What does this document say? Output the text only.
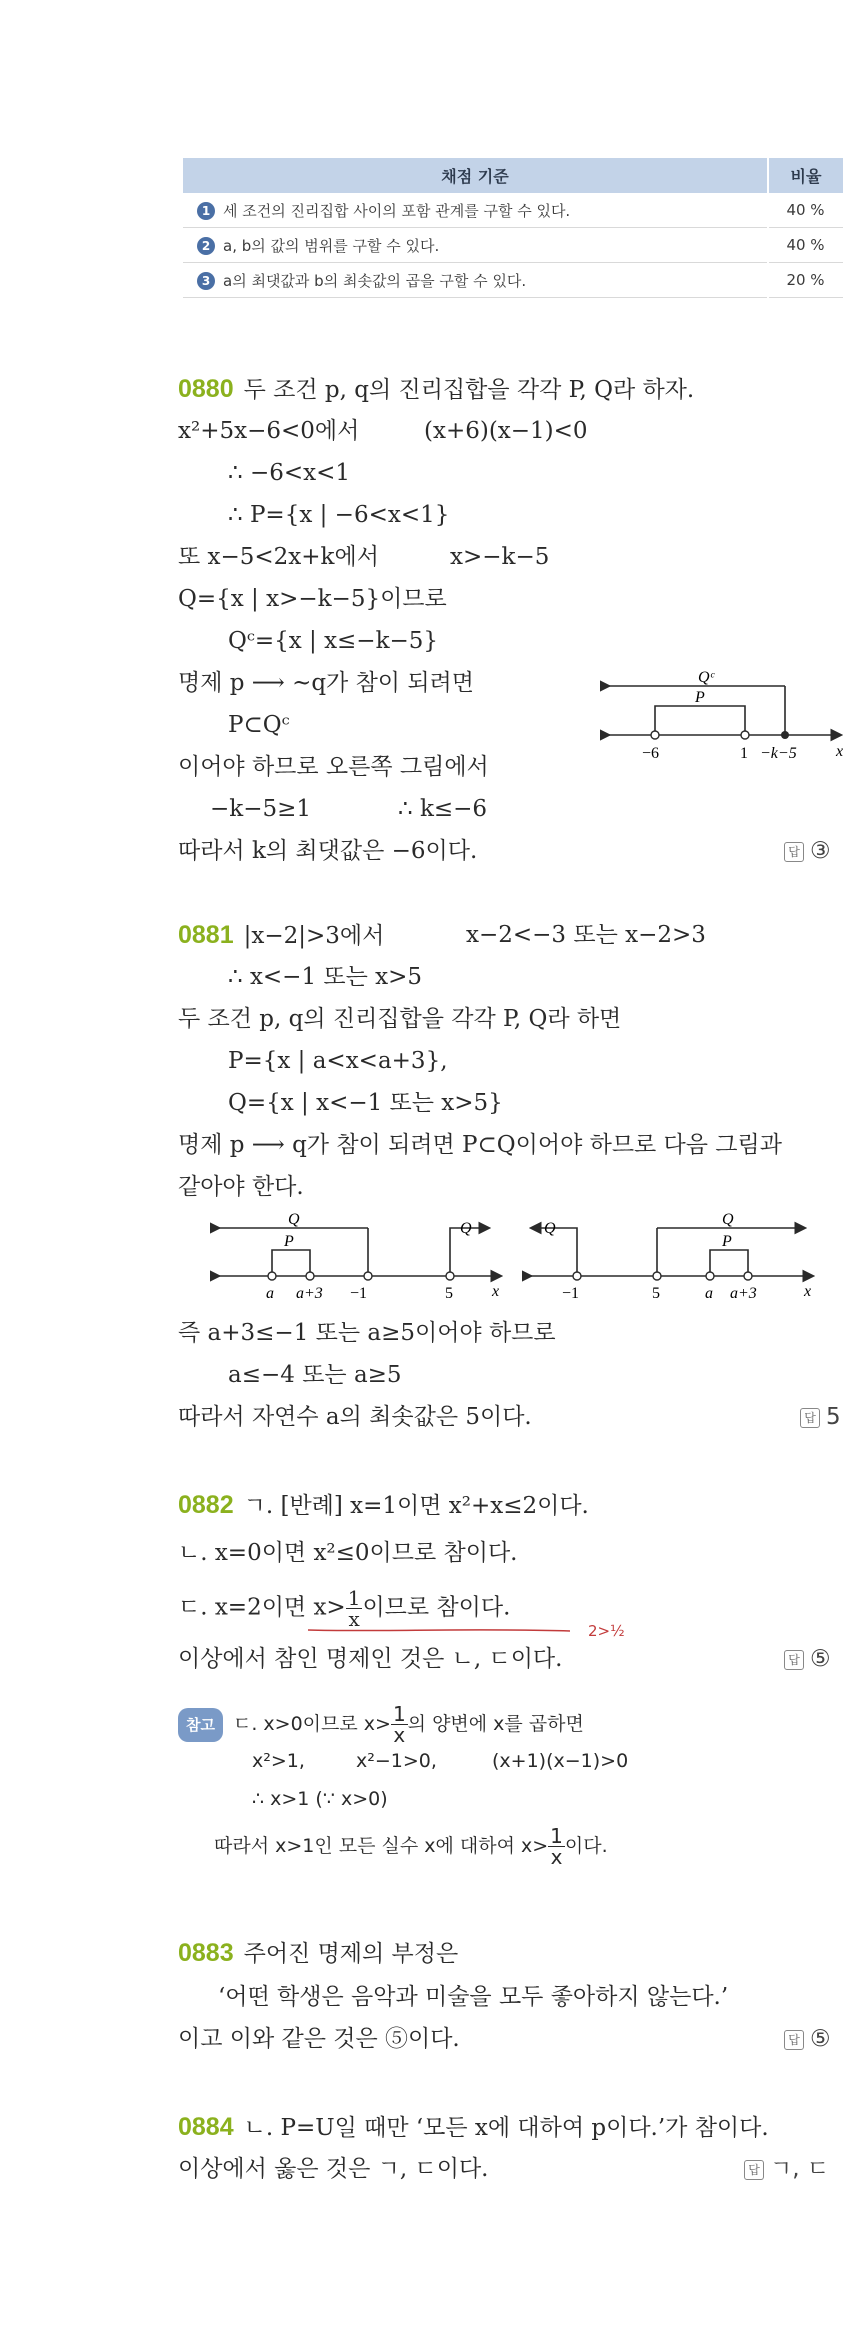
채점 기준	비율
1 세 조건의 진리집합 사이의 포함 관계를 구할 수 있다.	40 %
2 a, b의 값의 범위를 구할 수 있다.	40 %
3 a의 최댓값과 b의 최솟값의 곱을 구할 수 있다.	20 %
0880 두 조건 p, q의 진리집합을 각각 P, Q라 하자.
x²+5x−6<0에서	(x+6)(x−1)<0
∴ −6<x<1
∴ P={x | −6<x<1}
또 x−5<2x+k에서	x>−k−5
Q={x | x>−k−5}이므로
Qᶜ={x | x≤−k−5}
명제 p ⟶ ~q가 참이 되려면
P⊂Qᶜ
이어야 하므로 오른쪽 그림에서
−k−5≥1	∴ k≤−6
따라서 k의 최댓값은 −6이다.	답 ③
Qᶜ
P
−6	1 −k−5 x
0881 |x−2|>3에서	x−2<−3 또는 x−2>3
∴ x<−1 또는 x>5
두 조건 p, q의 진리집합을 각각 P, Q라 하면
P={x | a<x<a+3},
Q={x | x<−1 또는 x>5}
명제 p ⟶ q가 참이 되려면 P⊂Q이어야 하므로 다음 그림과
같아야 한다.
Q
Q
P
a a+3 −1	5 x
Q
Q
P
−1	5	a a+3	x
즉 a+3≤−1 또는 a≥5이어야 하므로
a≤−4 또는 a≥5
따라서 자연수 a의 최솟값은 5이다.	답 5
0882 ㄱ. [반례] x=1이면 x²+x≤2이다.
ㄴ. x=0이면 x²≤0이므로 참이다.
ㄷ. x=2이면 $x> \frac{1}{x}$ 이므로 참이다.
2>½
이상에서 참인 명제인 것은 ㄴ, ㄷ이다.	답 ⑤
참고 ㄷ. x>0이므로 $x> \frac{1}{x}$ 의 양변에 x를 곱하면
x²>1,	x²−1>0,	(x+1)(x−1)>0
∴ x>1 (∵ x>0)
따라서 x>1인 모든 실수 x에 대하여 $x> \frac{1}{x}$ 이다.
0883 주어진 명제의 부정은
‘어떤 학생은 음악과 미술을 모두 좋아하지 않는다.’
이고 이와 같은 것은 ⑤이다.	답 ⑤
0884 ㄴ. P=U일 때만 ‘모든 x에 대하여 p이다.’가 참이다.
이상에서 옳은 것은 ㄱ, ㄷ이다.	답 ㄱ, ㄷ
